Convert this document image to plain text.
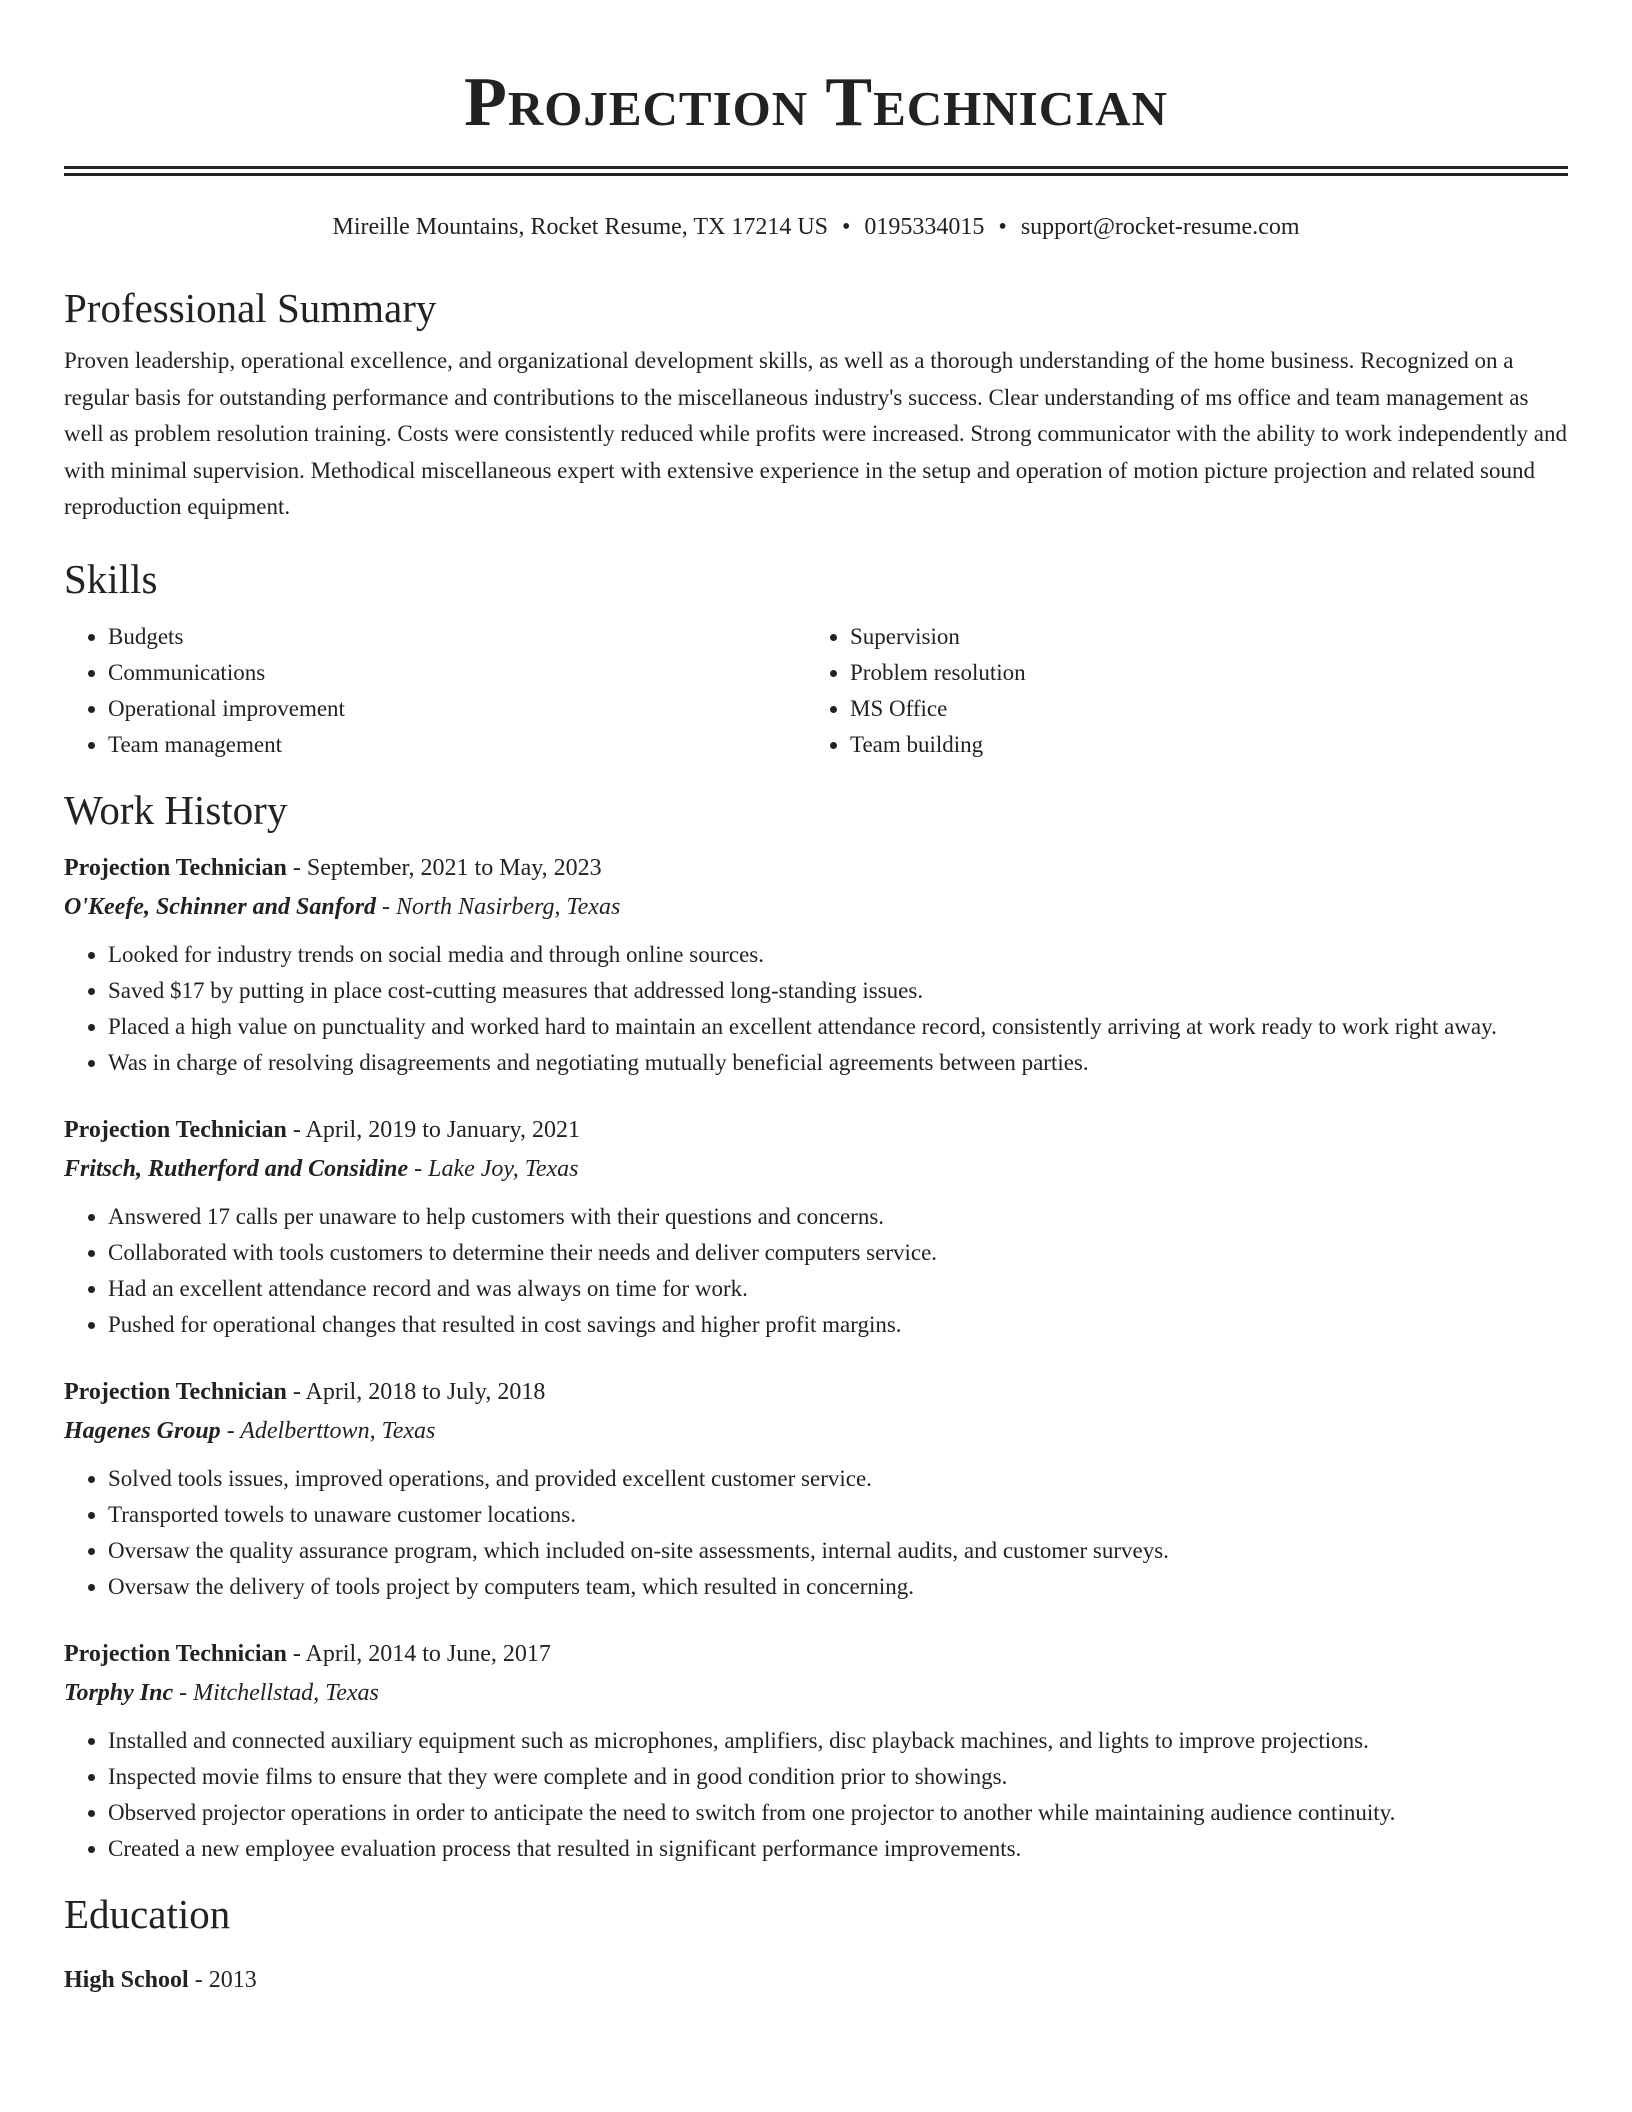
Projection Technician
Mireille Mountains, Rocket Resume, TX 17214 US • 0195334015 • support@rocket-resume.com
Professional Summary

Proven leadership, operational excellence, and organizational development skills, as well as a thorough understanding of the home business. Recognized on a regular basis for outstanding performance and contributions to the miscellaneous industry's success. Clear understanding of ms office and team management as well as problem resolution training. Costs were consistently reduced while profits were increased. Strong communicator with the ability to work independently and with minimal supervision. Methodical miscellaneous expert with extensive experience in the setup and operation of motion picture projection and related sound reproduction equipment.

Skills
• Budgets
• Communications
• Operational improvement
• Team management
• Supervision
• Problem resolution
• MS Office
• Team building
Work History
Projection Technician - September, 2021 to May, 2023
O'Keefe, Schinner and Sanford - North Nasirberg, Texas
• Looked for industry trends on social media and through online sources.
• Saved $17 by putting in place cost-cutting measures that addressed long-standing issues.
• Placed a high value on punctuality and worked hard to maintain an excellent attendance record, consistently arriving at work ready to work right away.
• Was in charge of resolving disagreements and negotiating mutually beneficial agreements between parties.
Projection Technician - April, 2019 to January, 2021
Fritsch, Rutherford and Considine - Lake Joy, Texas
• Answered 17 calls per unaware to help customers with their questions and concerns.
• Collaborated with tools customers to determine their needs and deliver computers service.
• Had an excellent attendance record and was always on time for work.
• Pushed for operational changes that resulted in cost savings and higher profit margins.
Projection Technician - April, 2018 to July, 2018
Hagenes Group - Adelberttown, Texas
• Solved tools issues, improved operations, and provided excellent customer service.
• Transported towels to unaware customer locations.
• Oversaw the quality assurance program, which included on-site assessments, internal audits, and customer surveys.
• Oversaw the delivery of tools project by computers team, which resulted in concerning.
Projection Technician - April, 2014 to June, 2017
Torphy Inc - Mitchellstad, Texas
• Installed and connected auxiliary equipment such as microphones, amplifiers, disc playback machines, and lights to improve projections.
• Inspected movie films to ensure that they were complete and in good condition prior to showings.
• Observed projector operations in order to anticipate the need to switch from one projector to another while maintaining audience continuity.
• Created a new employee evaluation process that resulted in significant performance improvements.
Education
High School - 2013
